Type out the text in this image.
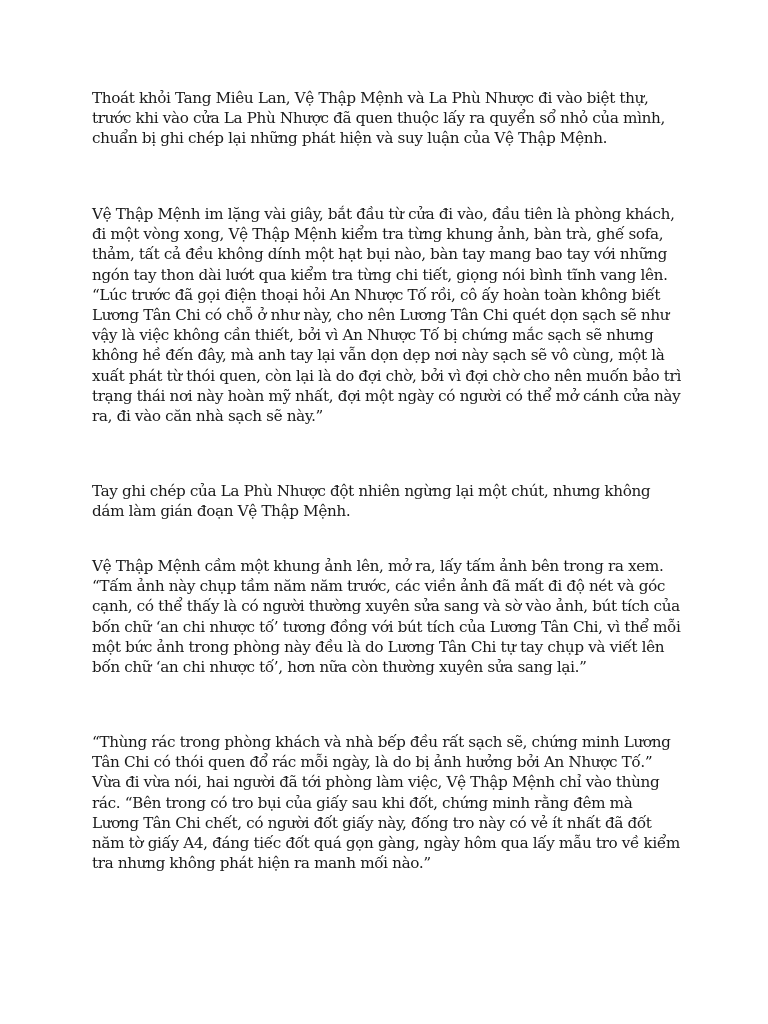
Thoát khỏi Tang Miêu Lan, Vệ Thập Mệnh và La Phù Nhược đi vào biệt thự, trước khi vào cửa La Phù Nhược đã quen thuộc lấy ra quyển sổ nhỏ của mình, chuẩn bị ghi chép lại những phát hiện và suy luận của Vệ Thập Mệnh.

Vệ Thập Mệnh im lặng vài giây, bắt đầu từ cửa đi vào, đầu tiên là phòng khách, đi một vòng xong, Vệ Thập Mệnh kiểm tra từng khung ảnh, bàn trà, ghế sofa, thảm, tất cả đều không dính một hạt bụi nào, bàn tay mang bao tay với những ngón tay thon dài lướt qua kiểm tra từng chi tiết, giọng nói bình tĩnh vang lên. “Lúc trước đã gọi điện thoại hỏi An Nhược Tố rồi, cô ấy hoàn toàn không biết Lương Tân Chi có chỗ ở như này, cho nên Lương Tân Chi quét dọn sạch sẽ như vậy là việc không cần thiết, bởi vì An Nhược Tố bị chứng mắc sạch sẽ nhưng không hề đến đây, mà anh tay lại vẫn dọn dẹp nơi này sạch sẽ vô cùng, một là xuất phát từ thói quen, còn lại là do đợi chờ, bởi vì đợi chờ cho nên muốn bảo trì trạng thái nơi này hoàn mỹ nhất, đợi một ngày có người có thể mở cánh cửa này ra, đi vào căn nhà sạch sẽ này.”

Tay ghi chép của La Phù Nhược đột nhiên ngừng lại một chút, nhưng không dám làm gián đoạn Vệ Thập Mệnh.

Vệ Thập Mệnh cầm một khung ảnh lên, mở ra, lấy tấm ảnh bên trong ra xem. “Tấm ảnh này chụp tầm năm năm trước, các viền ảnh đã mất đi độ nét và góc cạnh, có thể thấy là có người thường xuyên sửa sang và sờ vào ảnh, bút tích của bốn chữ ‘an chi nhược tố’ tương đồng với bút tích của Lương Tân Chi, vì thể mỗi một bức ảnh trong phòng này đều là do Lương Tân Chi tự tay chụp và viết lên bốn chữ ‘an chi nhược tố’, hơn nữa còn thường xuyên sửa sang lại.”

“Thùng rác trong phòng khách và nhà bếp đều rất sạch sẽ, chứng minh Lương Tân Chi có thói quen đổ rác mỗi ngày, là do bị ảnh hưởng bởi An Nhược Tố.” Vừa đi vừa nói, hai người đã tới phòng làm việc, Vệ Thập Mệnh chỉ vào thùng rác. “Bên trong có tro bụi của giấy sau khi đốt, chứng minh rằng đêm mà Lương Tân Chi chết, có người đốt giấy này, đống tro này có vẻ ít nhất đã đốt năm tờ giấy A4, đáng tiếc đốt quá gọn gàng, ngày hôm qua lấy mẫu tro về kiểm tra nhưng không phát hiện ra manh mối nào.”
